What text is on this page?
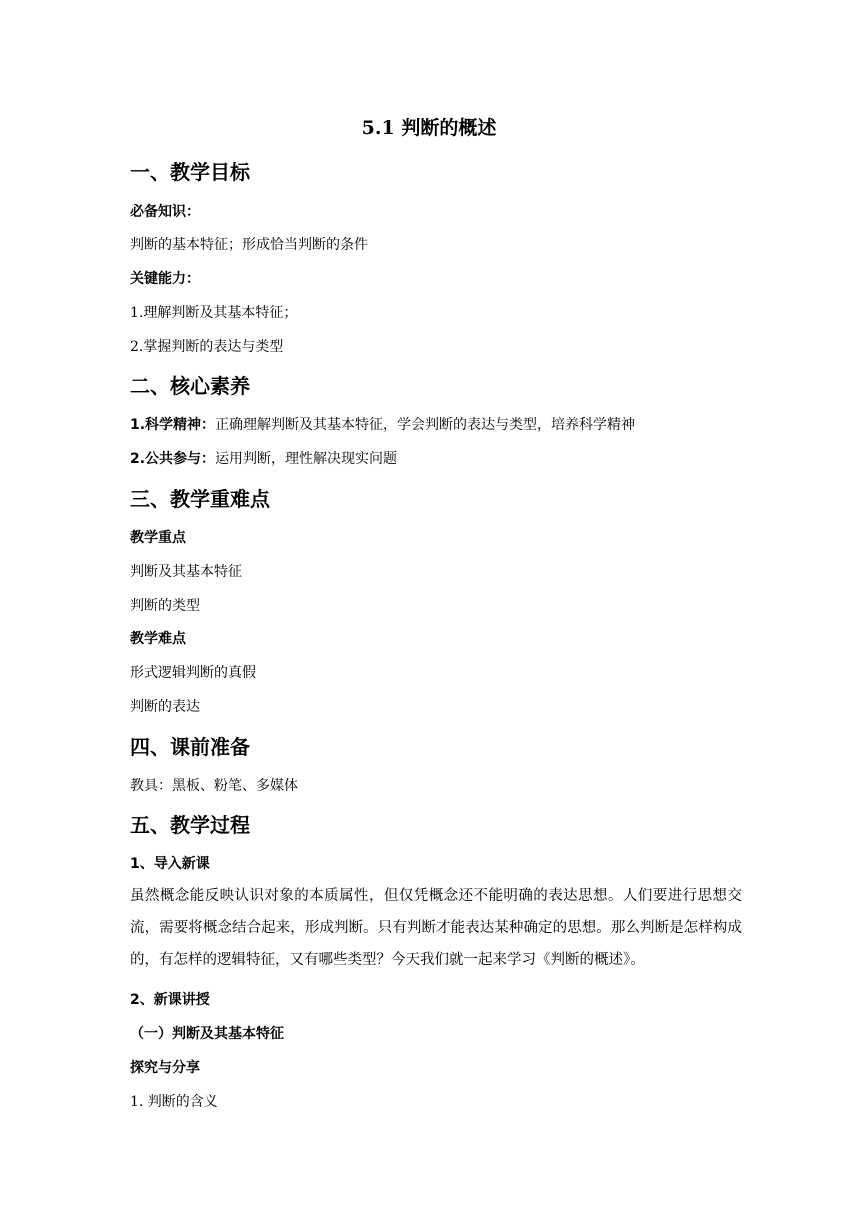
5.1 判断的概述
一、教学目标

必备知识：

判断的基本特征；形成恰当判断的条件

关键能力：

1.理解判断及其基本特征；

2.掌握判断的表达与类型

二、核心素养

1.科学精神：正确理解判断及其基本特征，学会判断的表达与类型，培养科学精神

2.公共参与：运用判断，理性解决现实问题

三、教学重难点

教学重点

判断及其基本特征

判断的类型

教学难点

形式逻辑判断的真假

判断的表达

四、课前准备

教具：黑板、粉笔、多媒体

五、教学过程

1、导入新课

虽然概念能反映认识对象的本质属性，但仅凭概念还不能明确的表达思想。人们要进行思想交流，需要将概念结合起来，形成判断。只有判断才能表达某种确定的思想。那么判断是怎样构成的，有怎样的逻辑特征，又有哪些类型？今天我们就一起来学习《判断的概述》。

2、新课讲授

（一）判断及其基本特征

探究与分享

1. 判断的含义
